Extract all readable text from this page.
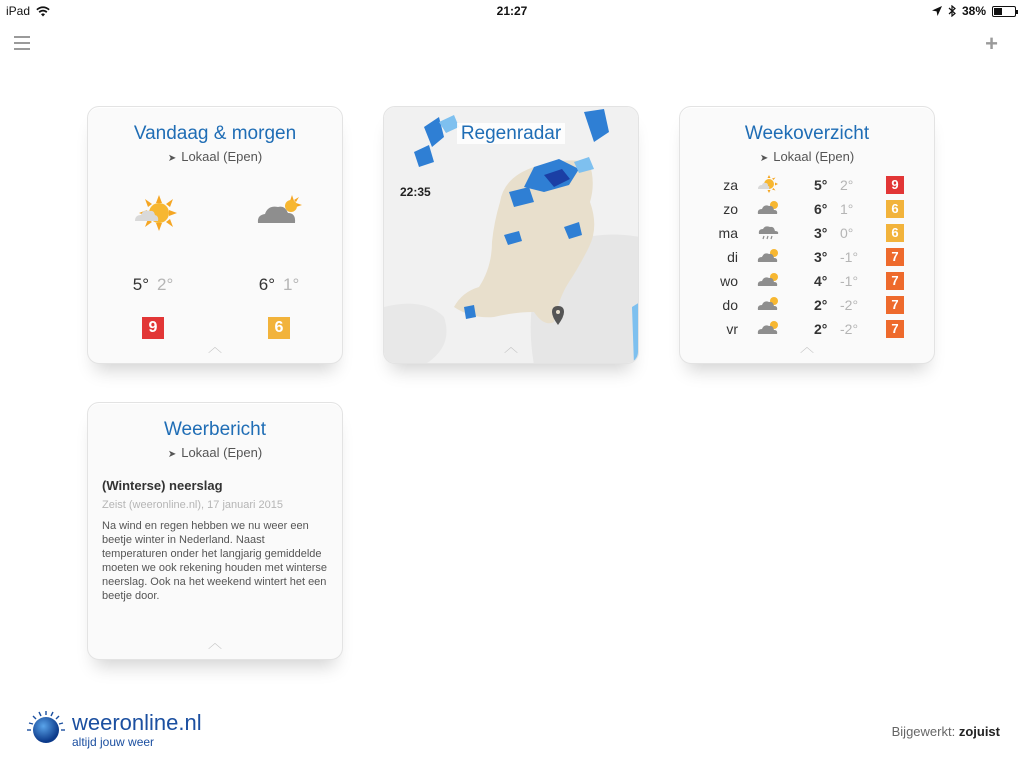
iPad	21:27	38%
+
Vandaag & morgen
➤ Lokaal (Epen)
5° 2°
9
6° 1°
6
︿
Regenradar
22:35
︿
Weekoverzicht
➤ Lokaal (Epen)
za	5° 2°	9
zo	6° 1°	6
ma	3° 0°	6
di	3° -1°	7
wo	4° -1°	7
do	2° -2°	7
vr	2° -2°	7
︿
Weerbericht
➤ Lokaal (Epen)
(Winterse) neerslag
Zeist (weeronline.nl), 17 januari 2015
Na wind en regen hebben we nu weer een beetje winter in Nederland. Naast temperaturen onder het langjarig gemiddelde moeten we ook rekening houden met winterse neerslag. Ook na het weekend wintert het een beetje door.
︿
weeronline.nl
altijd jouw weer
Bijgewerkt: zojuist
